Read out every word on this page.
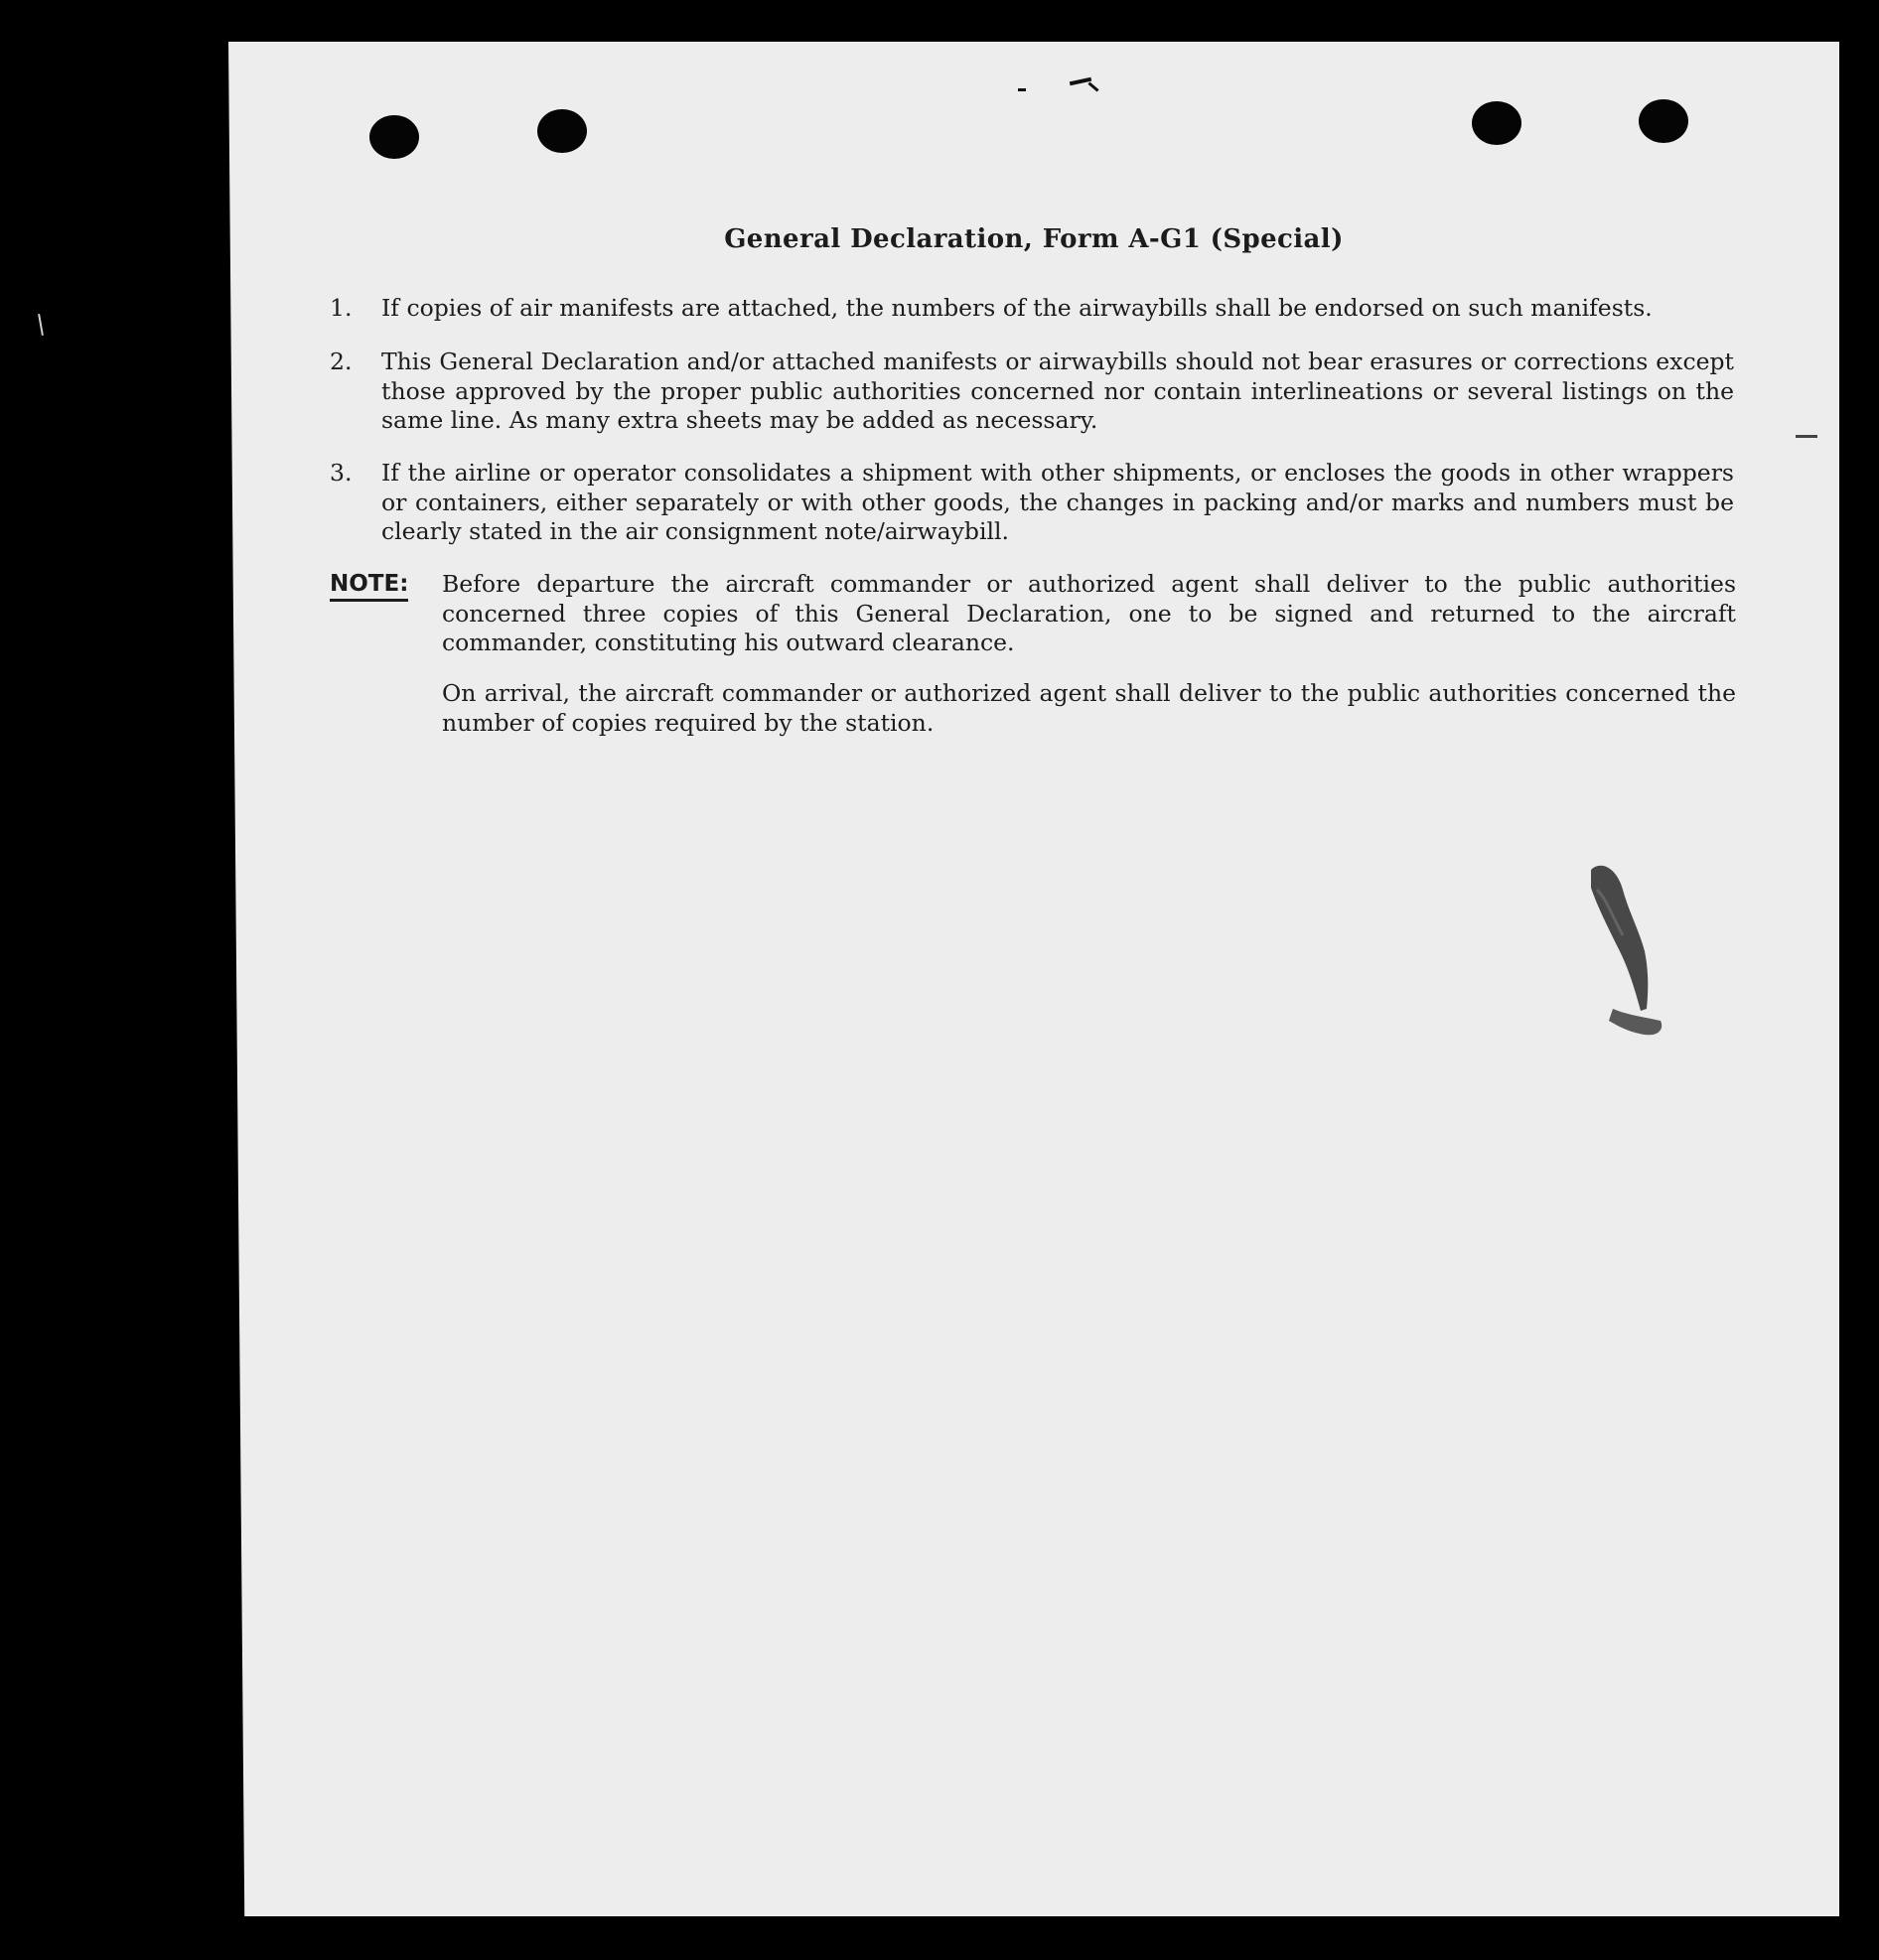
General Declaration, Form A-G1 (Special)
1.	If copies of air manifests are attached, the numbers of the airwaybills shall be endorsed on such manifests.
2.	This General Declaration and/or attached manifests or airwaybills should not bear erasures or corrections except those approved by the proper public authorities concerned nor contain interlineations or several listings on the same line. As many extra sheets may be added as necessary.
3.	If the airline or operator consolidates a shipment with other shipments, or encloses the goods in other wrappers or containers, either separately or with other goods, the changes in packing and/or marks and numbers must be clearly stated in the air consignment note/airwaybill.
NOTE:	Before departure the aircraft commander or authorized agent shall deliver to the public authorities concerned three copies of this General Declaration, one to be signed and returned to the aircraft commander, constituting his outward clearance.
On arrival, the aircraft commander or authorized agent shall deliver to the public authorities concerned the number of copies required by the station.
